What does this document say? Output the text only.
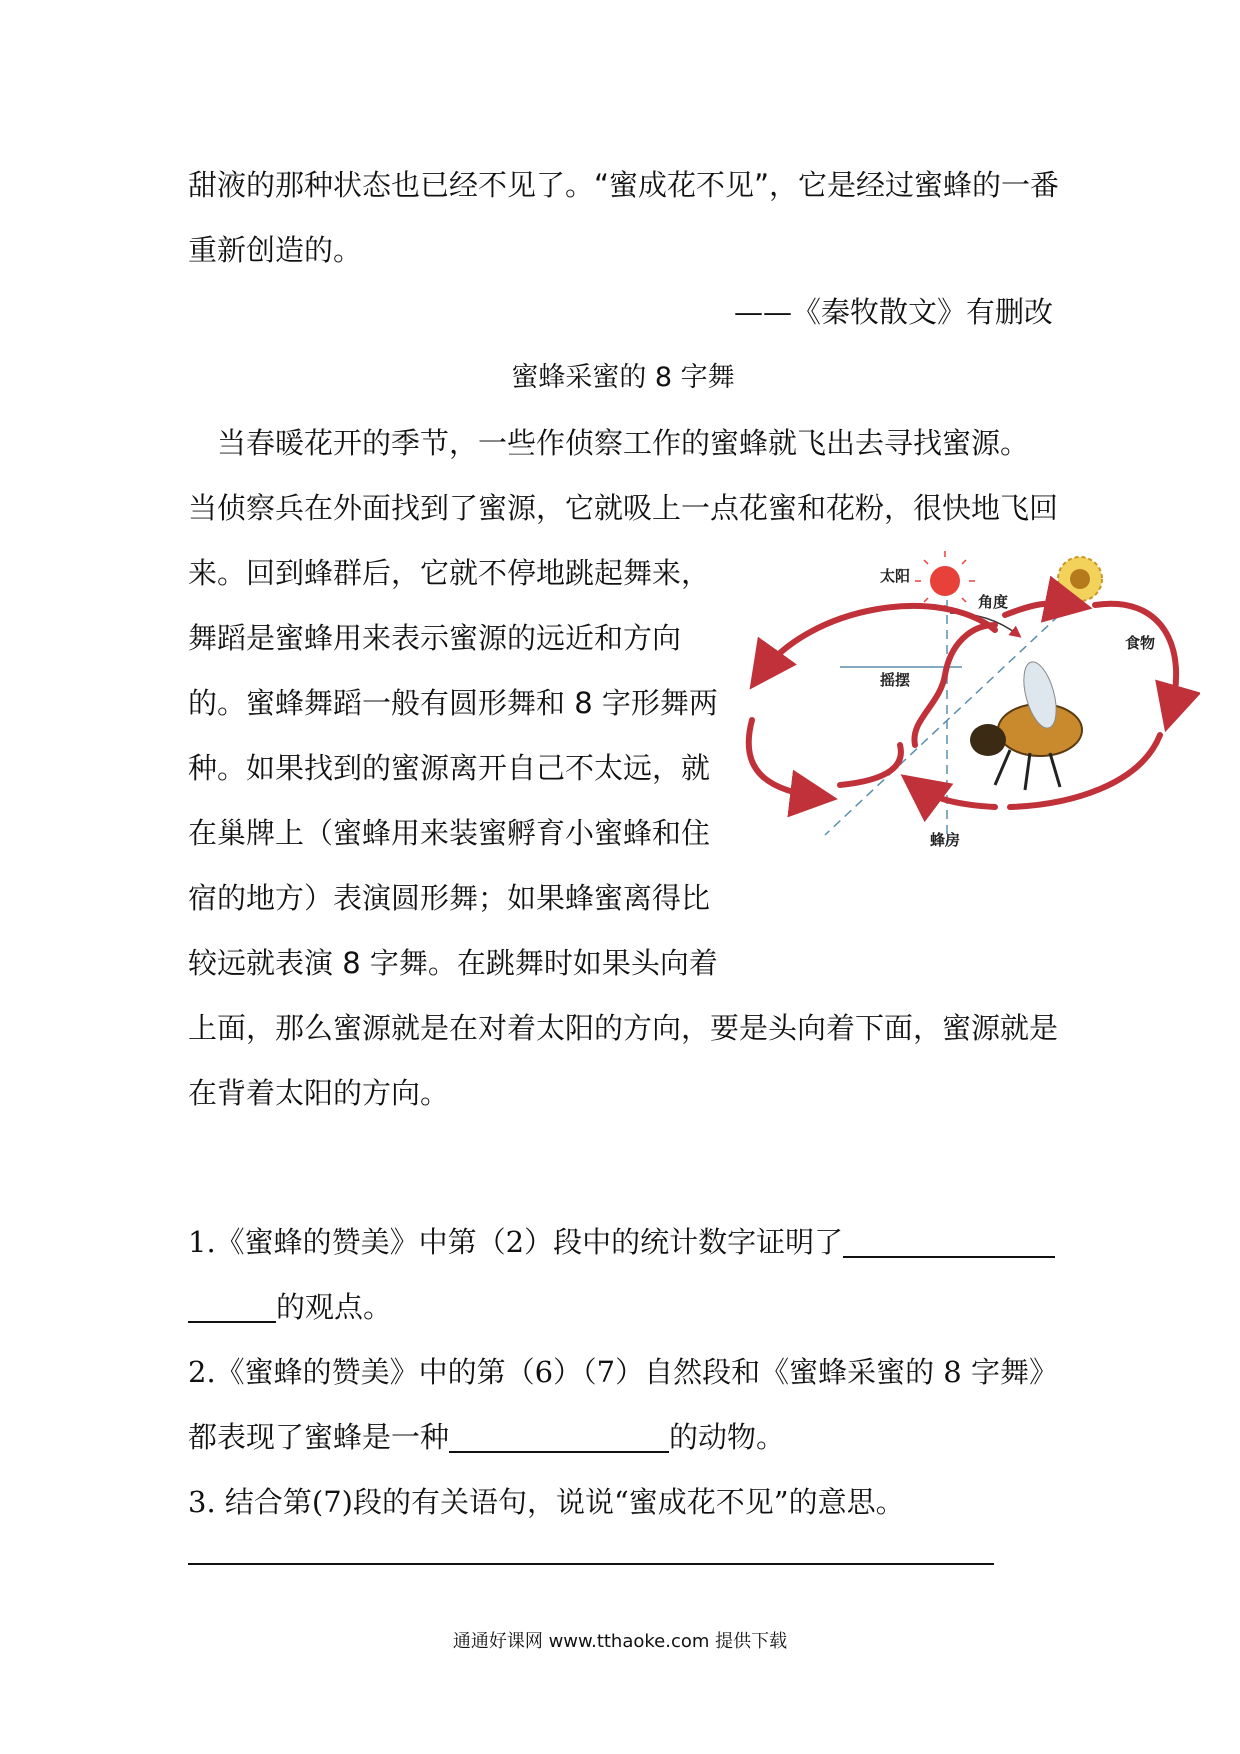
甜液的那种状态也已经不见了。“蜜成花不见”，它是经过蜜蜂的一番
重新创造的。
——《秦牧散文》有删改
蜜蜂采蜜的 8 字舞
　当春暖花开的季节，一些作侦察工作的蜜蜂就飞出去寻找蜜源。
当侦察兵在外面找到了蜜源，它就吸上一点花蜜和花粉，很快地飞回
来。回到蜂群后，它就不停地跳起舞来，
舞蹈是蜜蜂用来表示蜜源的远近和方向
的。蜜蜂舞蹈一般有圆形舞和 8 字形舞两
种。如果找到的蜜源离开自己不太远，就
在巢牌上（蜜蜂用来装蜜孵育小蜜蜂和住
宿的地方）表演圆形舞；如果蜂蜜离得比
较远就表演 8 字舞。在跳舞时如果头向着
上面，那么蜜源就是在对着太阳的方向，要是头向着下面，蜜源就是
在背着太阳的方向。
太阳
角度
食物
摇摆
蜂房
1.《蜜蜂的赞美》中第（2）段中的统计数字证明了
的观点。
2.《蜜蜂的赞美》中的第（6）（7）自然段和《蜜蜂采蜜的 8 字舞》
都表现了蜜蜂是一种	的动物。
3. 结合第(7)段的有关语句，说说“蜜成花不见”的意思。
通通好课网 www.tthaoke.com 提供下载
